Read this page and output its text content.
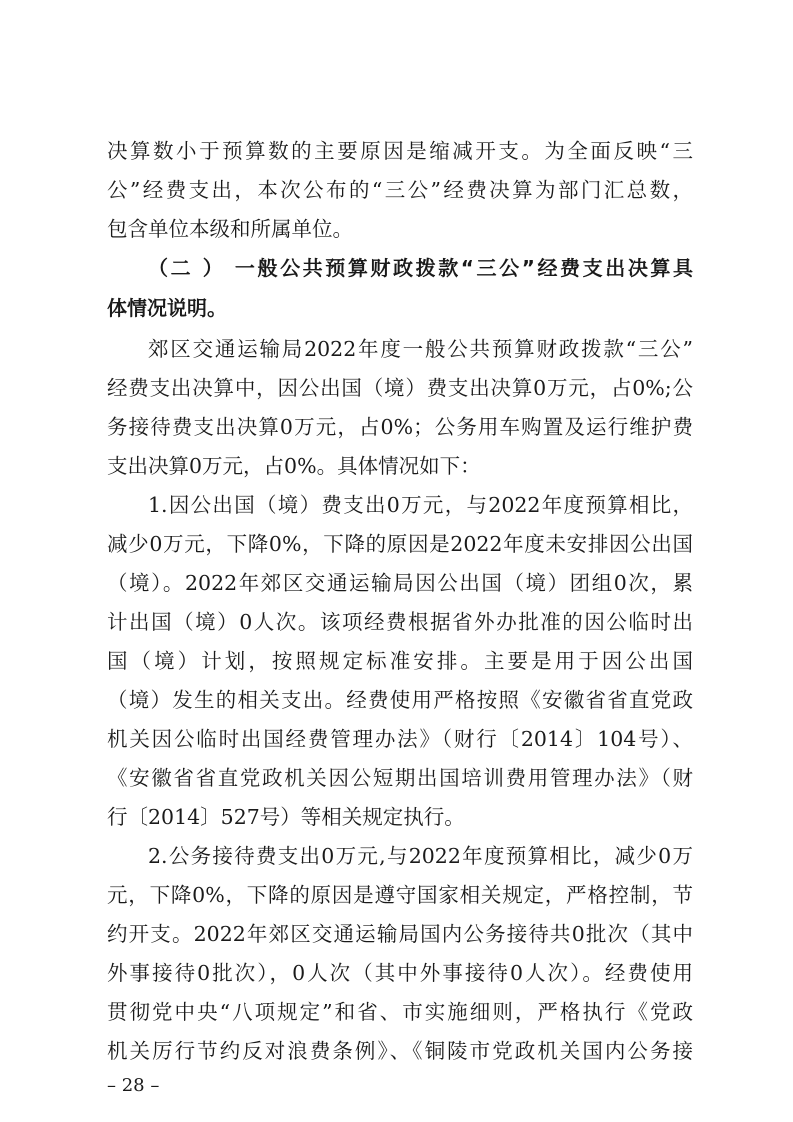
决算数小于预算数的主要原因是缩减开支。为全面反映“三
公”经费支出，本次公布的“三公”经费决算为部门汇总数，
包含单位本级和所属单位。
（二 ） 一般公共预算财政拨款“三公”经费支出决算具
体情况说明。
郊区交通运输局2022年度一般公共预算财政拨款“三公”
经费支出决算中，因公出国（境）费支出决算0万元，占0%;公
务接待费支出决算0万元，占0%；公务用车购置及运行维护费
支出决算0万元，占0%。具体情况如下：
1.因公出国（境）费支出0万元，与2022年度预算相比，
减少0万元，下降0%，下降的原因是2022年度未安排因公出国
（境）。2022年郊区交通运输局因公出国（境）团组0次，累
计出国（境）0人次。该项经费根据省外办批准的因公临时出
国（境）计划，按照规定标准安排。主要是用于因公出国
（境）发生的相关支出。经费使用严格按照《安徽省省直党政
机关因公临时出国经费管理办法》（财行〔2014〕104号）、
《安徽省省直党政机关因公短期出国培训费用管理办法》（财
行〔2014〕527号）等相关规定执行。
2.公务接待费支出0万元,与2022年度预算相比，减少0万
元，下降0%，下降的原因是遵守国家相关规定，严格控制，节
约开支。2022年郊区交通运输局国内公务接待共0批次（其中
外事接待0批次），0人次（其中外事接待0人次）。经费使用
贯彻党中央“八项规定”和省、市实施细则，严格执行《党政
机关厉行节约反对浪费条例》、《铜陵市党政机关国内公务接
– 28 –
